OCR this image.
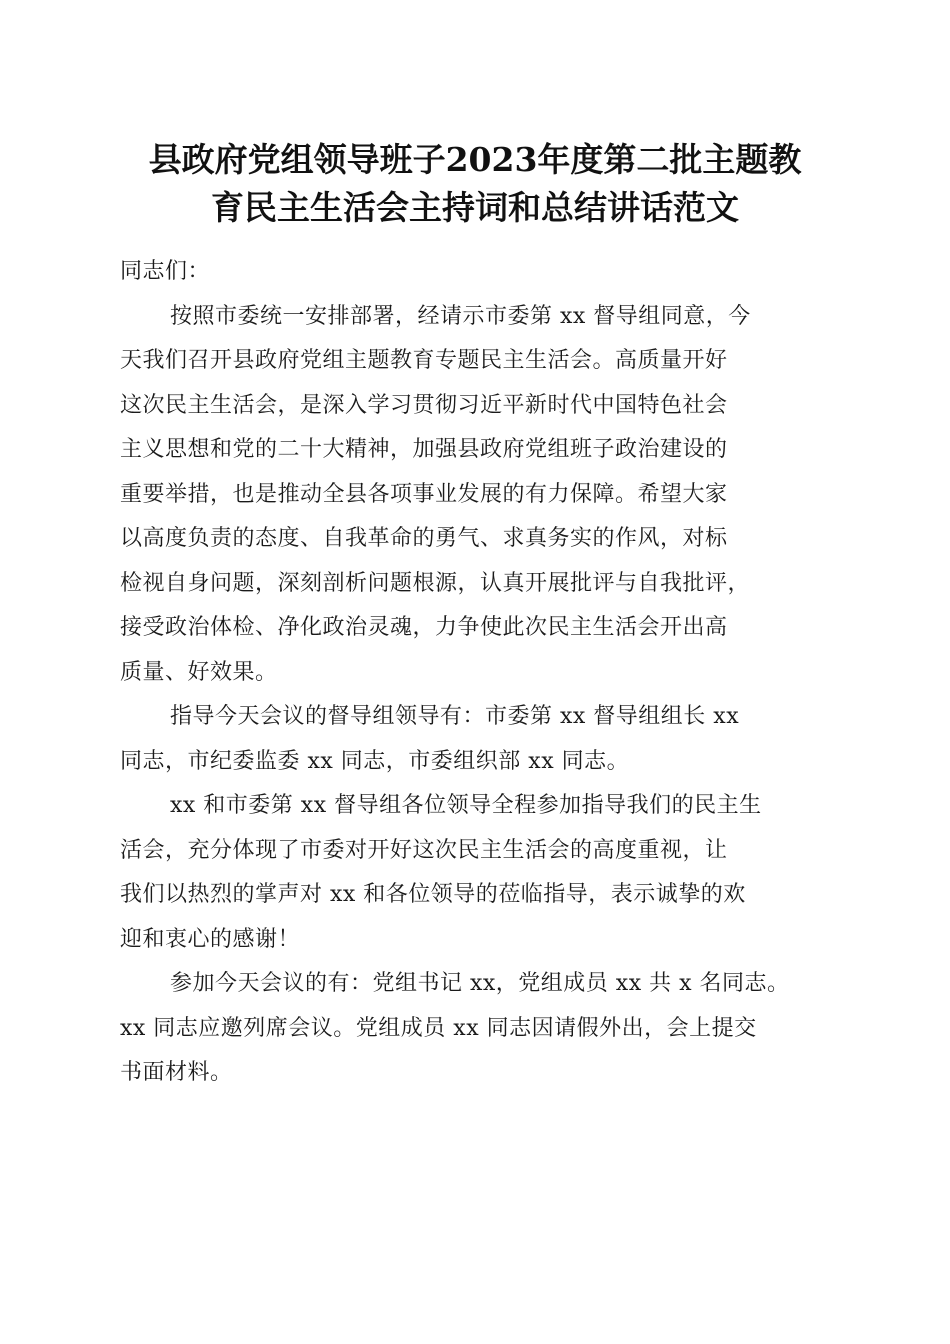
县政府党组领导班子2023年度第二批主题教
育民主生活会主持词和总结讲话范文
同志们：
按照市委统一安排部署，经请示市委第 xx 督导组同意，今
天我们召开县政府党组主题教育专题民主生活会。高质量开好
这次民主生活会，是深入学习贯彻习近平新时代中国特色社会
主义思想和党的二十大精神，加强县政府党组班子政治建设的
重要举措，也是推动全县各项事业发展的有力保障。希望大家
以高度负责的态度、自我革命的勇气、求真务实的作风，对标
检视自身问题，深刻剖析问题根源，认真开展批评与自我批评，
接受政治体检、净化政治灵魂，力争使此次民主生活会开出高
质量、好效果。
指导今天会议的督导组领导有：市委第 xx 督导组组长 xx
同志，市纪委监委 xx 同志，市委组织部 xx 同志。
xx 和市委第 xx 督导组各位领导全程参加指导我们的民主生
活会，充分体现了市委对开好这次民主生活会的高度重视，让
我们以热烈的掌声对 xx 和各位领导的莅临指导，表示诚挚的欢
迎和衷心的感谢！
参加今天会议的有：党组书记 xx，党组成员 xx 共 x 名同志。
xx 同志应邀列席会议。党组成员 xx 同志因请假外出，会上提交
书面材料。
